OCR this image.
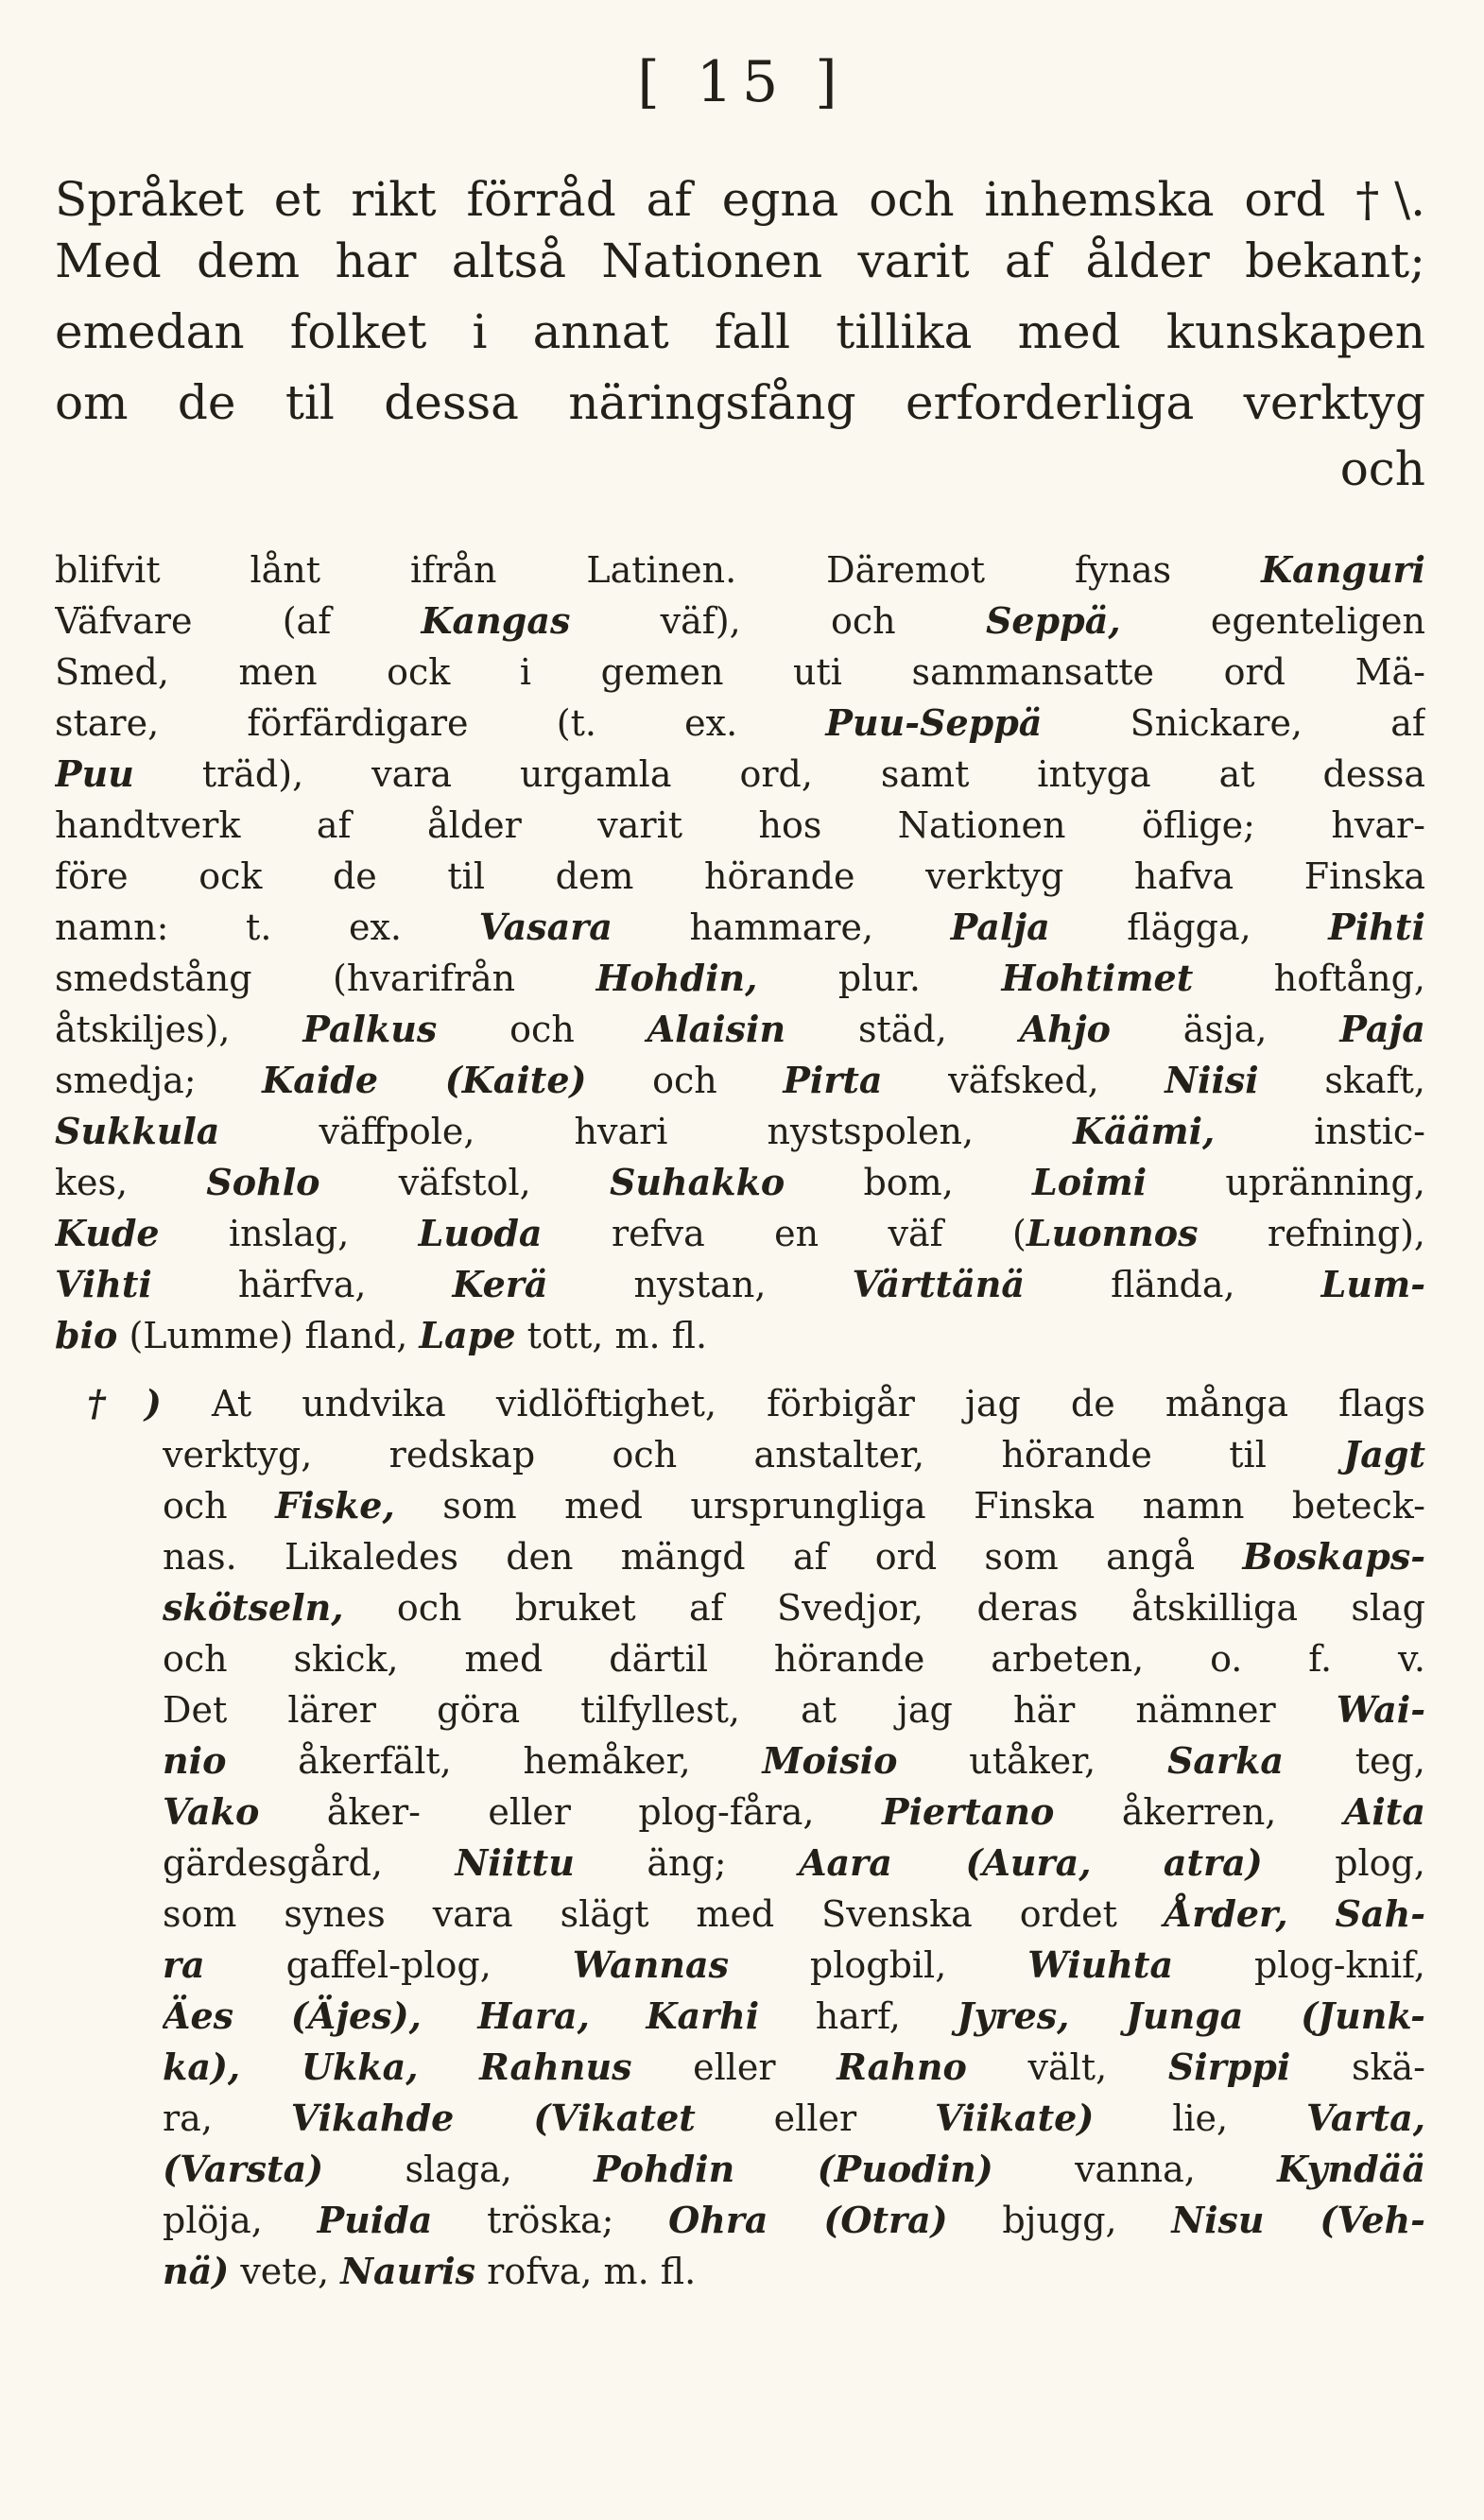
[ 15 ]
Språket et rikt förråd af egna och inhemska ord †\.
Med dem har altså Nationen varit af ålder bekant;
emedan folket i annat fall tillika med kunskapen
om de til dessa näringsfång erforderliga verktyg
och
blifvit lånt ifrån Latinen. Däremot fynas Kanguri
Väfvare (af	Kangas	väf), och	Seppä,	egenteligen
Smed, men ock i gemen uti sammansatte ord Mä-
stare, förfärdigare (t. ex. Puu-Seppä Snickare, af
Puu träd), vara urgamla ord, samt intyga at dessa
handtverk af ålder varit hos Nationen öflige; hvar-
före ock de til dem hörande verktyg hafva Finska
namn: t. ex. Vasara hammare, Palja flägga, Pihti
smedstång (hvarifrån Hohdin, plur. Hohtimet hoftång,
åtskiljes), Palkus och Alaisin städ, Ahjo äsja, Paja
smedja; Kaide (Kaite) och Pirta väfsked, Niisi skaft,
Sukkula	väffpole, hvari nystspolen,	Käämi,	instic-
kes, Sohlo väfstol, Suhakko bom, Loimi upränning,
Kude inslag, Luoda refva en väf (Luonnos refning),
Vihti härfva, Kerä nystan, Värttänä flända, Lum-
bio (Lumme) fland, Lape tott, m. fl.
†) At undvika vidlöftighet, förbigår jag de många flags
verktyg, redskap och anstalter, hörande til Jagt
och Fiske, som med ursprungliga Finska namn beteck-
nas. Likaledes den mängd af ord som angå Boskaps-
skötseln, och bruket af Svedjor, deras åtskilliga slag
och skick, med därtil hörande arbeten, o. f. v.
Det lärer göra tilfyllest, at jag här nämner Wai-
nio åkerfält, hemåker, Moisio utåker, Sarka teg,
Vako åker- eller plog-fåra, Piertano åkerren, Aita
gärdesgård, Niittu äng; Aara (Aura, atra) plog,
som synes vara slägt med Svenska ordet Årder, Sah-
ra gaffel-plog, Wannas plogbil, Wiuhta plog-knif,
Äes (Äjes), Hara, Karhi harf, Jyres, Junga (Junk-
ka), Ukka, Rahnus eller Rahno vält, Sirppi skä-
ra, Vikahde (Vikatet eller Viikate) lie, Varta,
(Varsta) slaga, Pohdin (Puodin) vanna, Kyndää
plöja, Puida tröska; Ohra (Otra) bjugg, Nisu (Veh-
nä) vete, Nauris rofva, m. fl.
